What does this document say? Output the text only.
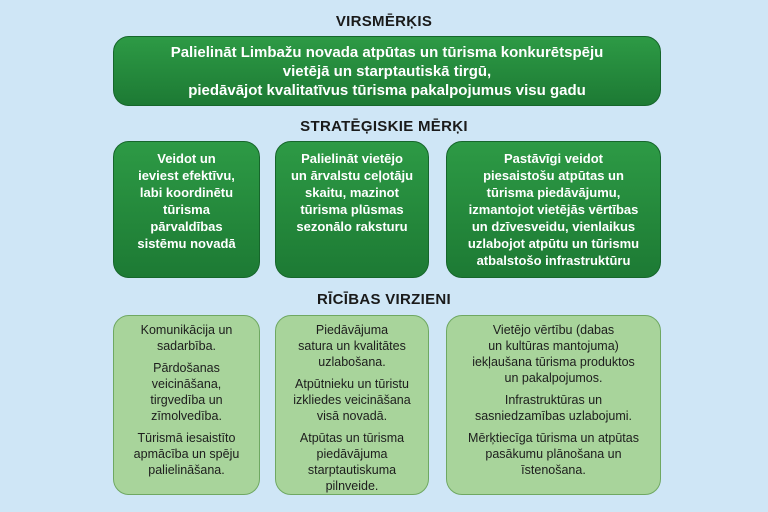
VIRSMĒRĶIS
Palielināt Limbažu novada atpūtas un tūrisma konkurētspēju
vietējā un starptautiskā tirgū,
piedāvājot kvalitatīvus tūrisma pakalpojumus visu gadu
STRATĒĢISKIE MĒRĶI
Veidot un
ieviest efektīvu,
labi koordinētu
tūrisma
pārvaldības
sistēmu novadā
Palielināt vietējo
un ārvalstu ceļotāju
skaitu, mazinot
tūrisma plūsmas
sezonālo raksturu
Pastāvīgi veidot
piesaistošu atpūtas un
tūrisma piedāvājumu,
izmantojot vietējās vērtības
un dzīvesveidu, vienlaikus
uzlabojot atpūtu un tūrismu
atbalstošo infrastruktūru
RĪCĪBAS VIRZIENI
Komunikācija un
sadarbība.
Pārdošanas
veicināšana,
tirgvedība un
zīmolvedība.
Tūrismā iesaistīto
apmācība un spēju
palielināšana.
Piedāvājuma
satura un kvalitātes
uzlabošana.
Atpūtnieku un tūristu
izkliedes veicināšana
visā novadā.
Atpūtas un tūrisma
piedāvājuma
starptautiskuma
pilnveide.
Vietējo vērtību (dabas
un kultūras mantojuma)
iekļaušana tūrisma produktos
un pakalpojumos.
Infrastruktūras un
sasniedzamības uzlabojumi.
Mērķtiecīga tūrisma un atpūtas
pasākumu plānošana un
īstenošana.
